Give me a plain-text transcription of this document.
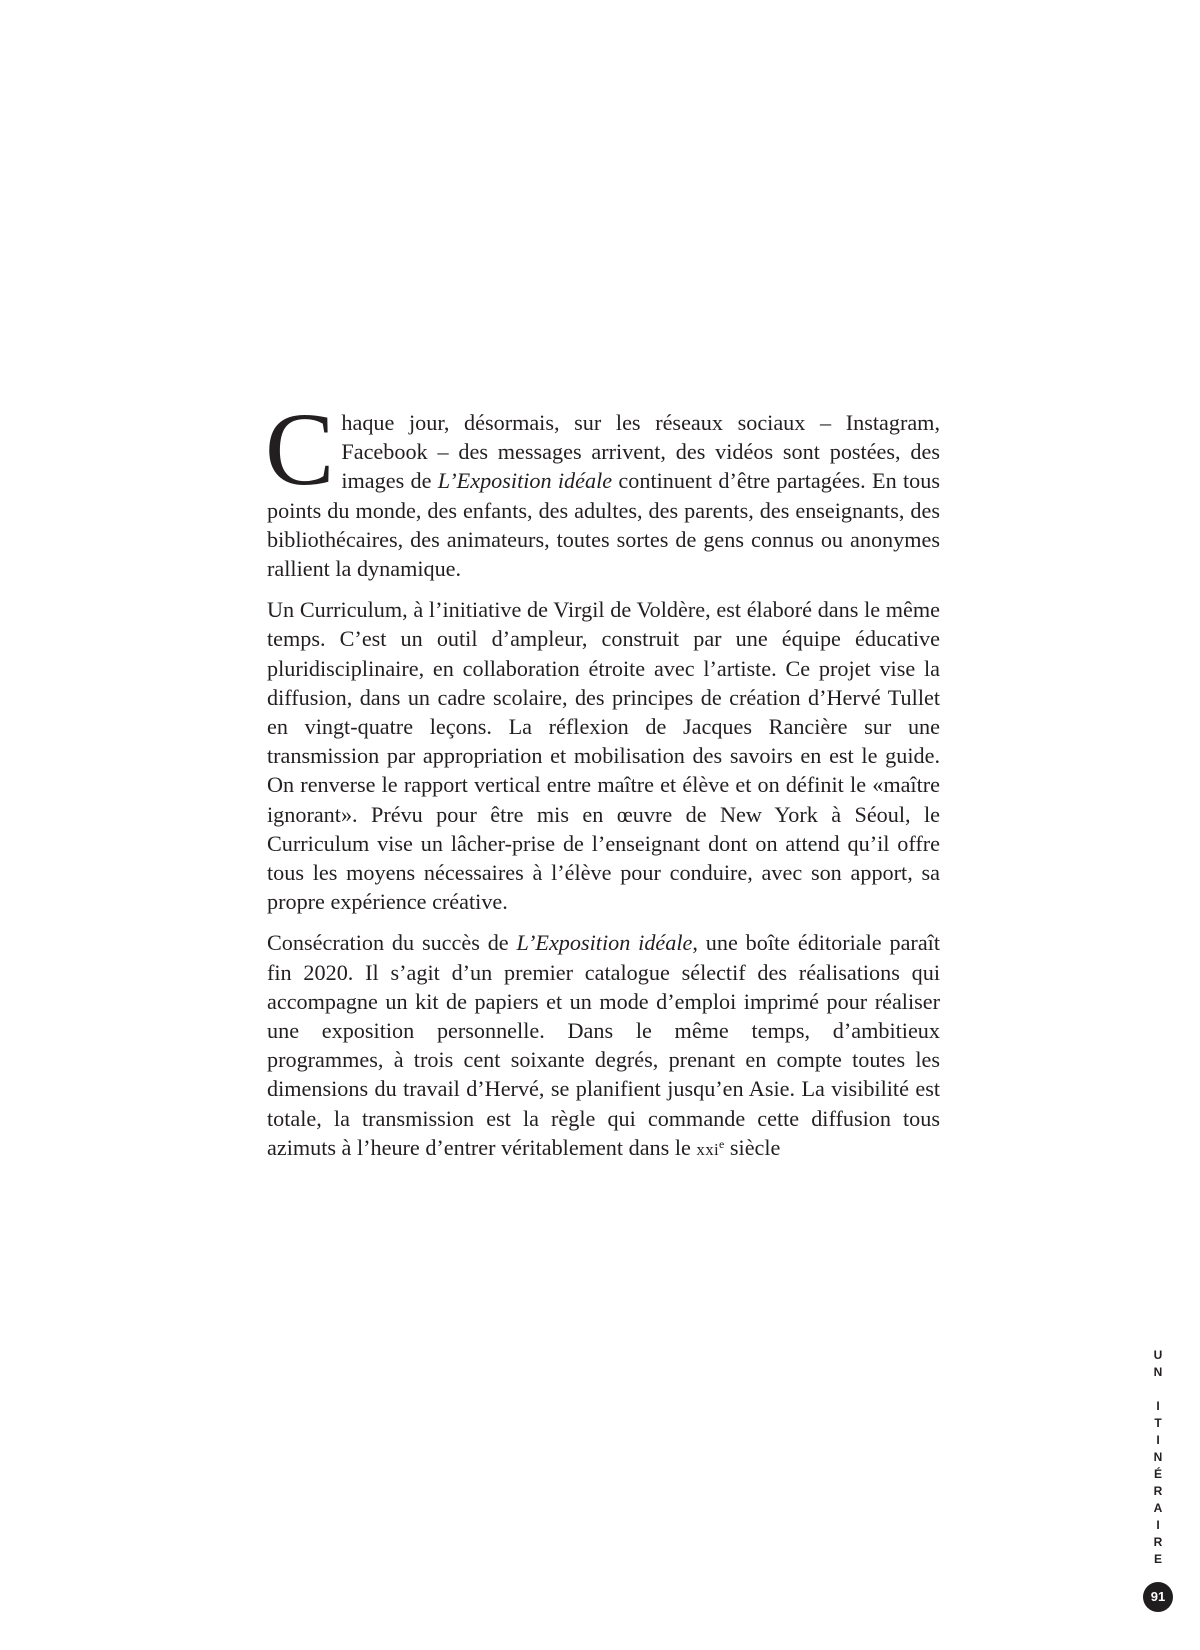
Chaque jour, désormais, sur les réseaux sociaux – Instagram, Facebook – des messages arrivent, des vidéos sont postées, des images de L’Exposition idéale continuent d’être partagées. En tous points du monde, des enfants, des adultes, des parents, des enseignants, des bibliothécaires, des animateurs, toutes sortes de gens connus ou anonymes rallient la dynamique.

Un Curriculum, à l’initiative de Virgil de Voldère, est élaboré dans le même temps. C’est un outil d’ampleur, construit par une équipe éducative pluridisciplinaire, en collaboration étroite avec l’artiste. Ce projet vise la diffusion, dans un cadre scolaire, des principes de création d’Hervé Tullet en vingt-quatre leçons. La réflexion de Jacques Rancière sur une transmission par appropriation et mobilisation des savoirs en est le guide. On renverse le rapport vertical entre maître et élève et on définit le «maître ignorant». Prévu pour être mis en œuvre de New York à Séoul, le Curriculum vise un lâcher-prise de l’enseignant dont on attend qu’il offre tous les moyens nécessaires à l’élève pour conduire, avec son apport, sa propre expérience créative.

Consécration du succès de L’Exposition idéale, une boîte éditoriale paraît fin 2020. Il s’agit d’un premier catalogue sélectif des réalisations qui accompagne un kit de papiers et un mode d’emploi imprimé pour réaliser une exposition personnelle. Dans le même temps, d’ambitieux programmes, à trois cent soixante degrés, prenant en compte toutes les dimensions du travail d’Hervé, se planifient jusqu’en Asie. La visibilité est totale, la transmission est la règle qui commande cette diffusion tous azimuts à l’heure d’entrer véritablement dans le xxi$^e$ siècle

U
N
I
T
I
N
É
R
A
I
R
E
91
